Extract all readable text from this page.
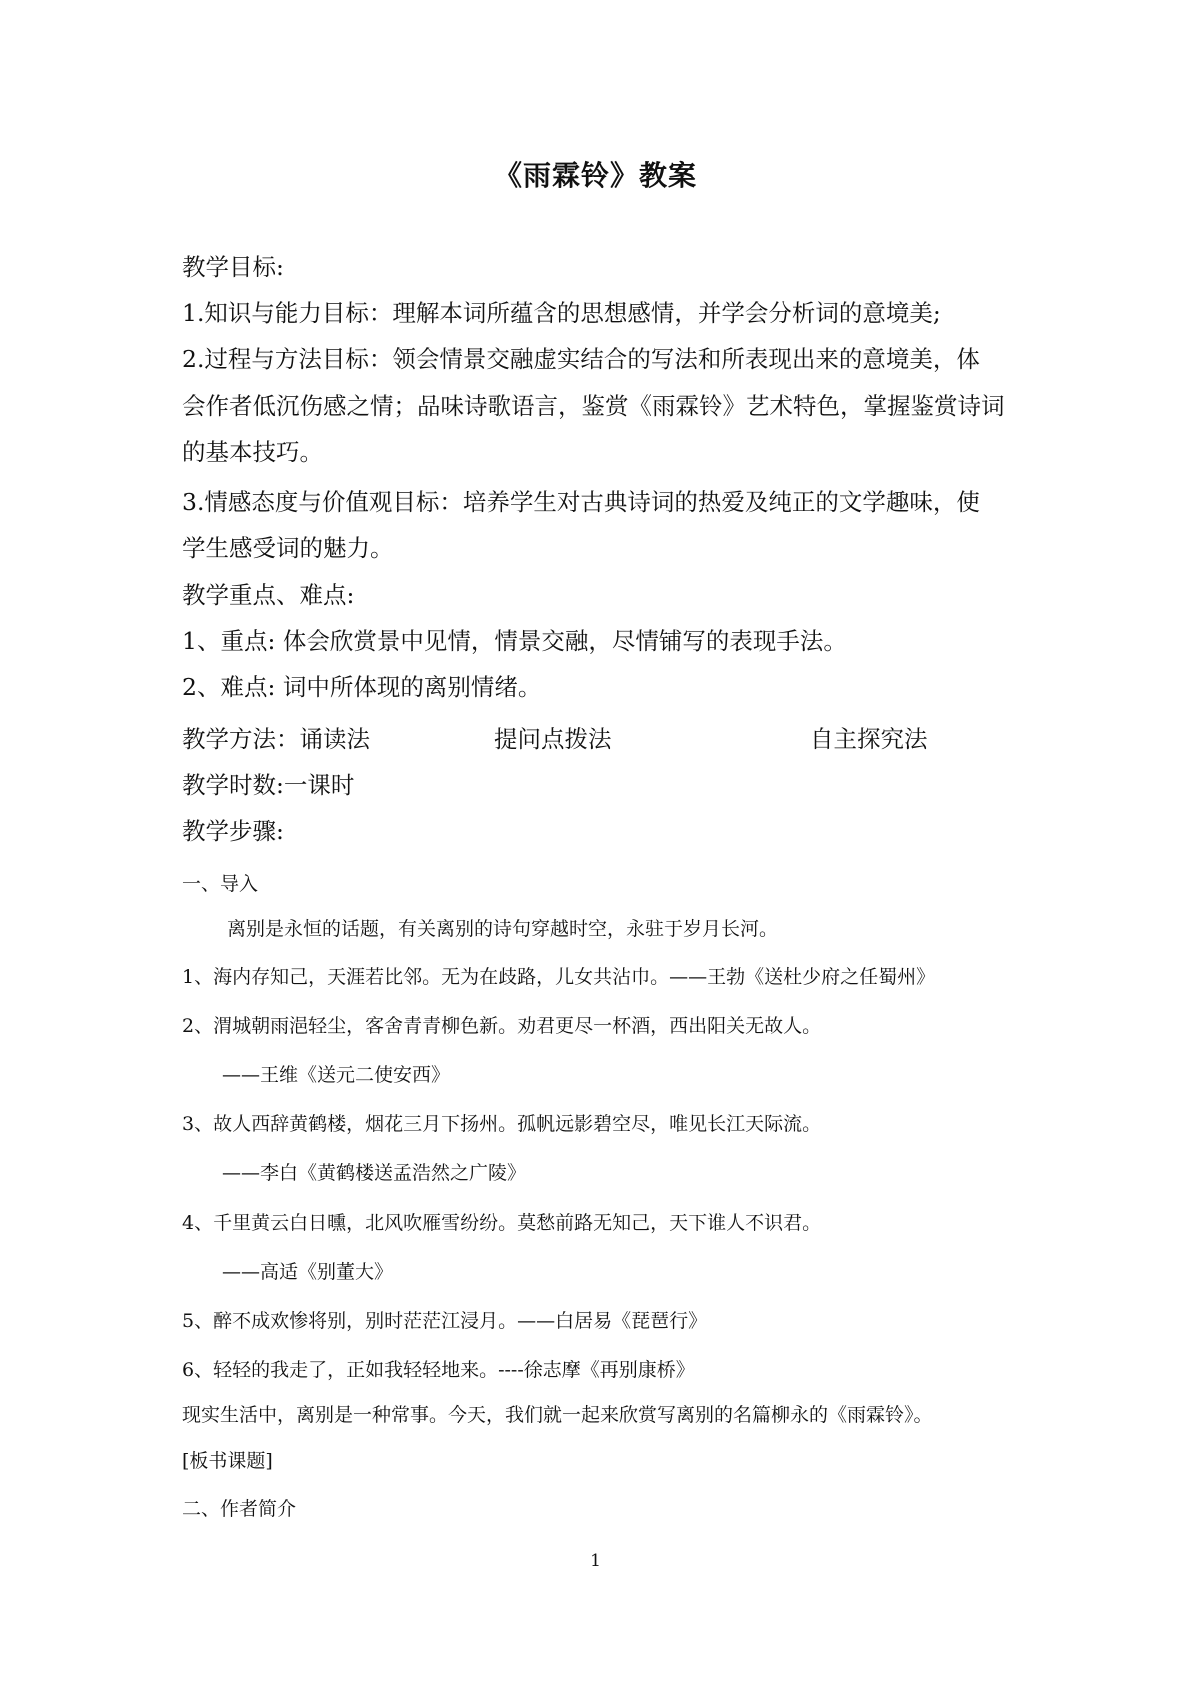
《雨霖铃》教案
教学目标:
1.知识与能力目标：理解本词所蕴含的思想感情，并学会分析词的意境美;
2.过程与方法目标：领会情景交融虚实结合的写法和所表现出来的意境美，体
会作者低沉伤感之情；品味诗歌语言，鉴赏《雨霖铃》艺术特色，掌握鉴赏诗词
的基本技巧。
3.情感态度与价值观目标：培养学生对古典诗词的热爱及纯正的文学趣味，使
学生感受词的魅力。
教学重点、难点:
1、重点: 体会欣赏景中见情，情景交融，尽情铺写的表现手法。
2、难点: 词中所体现的离别情绪。
教学方法：诵读法	提问点拨法	自主探究法
教学时数:一课时
教学步骤:
一、导入
离别是永恒的话题，有关离别的诗句穿越时空，永驻于岁月长河。
1、海内存知己，天涯若比邻。无为在歧路，儿女共沾巾。——王勃《送杜少府之任蜀州》
2、渭城朝雨浥轻尘，客舍青青柳色新。劝君更尽一杯酒，西出阳关无故人。
——王维《送元二使安西》
3、故人西辞黄鹤楼，烟花三月下扬州。孤帆远影碧空尽，唯见长江天际流。
——李白《黄鹤楼送孟浩然之广陵》
4、千里黄云白日曛，北风吹雁雪纷纷。莫愁前路无知己，天下谁人不识君。
——高适《别董大》
5、醉不成欢惨将别，别时茫茫江浸月。——白居易《琵琶行》
6、轻轻的我走了，正如我轻轻地来。----徐志摩《再别康桥》
现实生活中，离别是一种常事。今天，我们就一起来欣赏写离别的名篇柳永的《雨霖铃》。
[板书课题]
二、作者简介
1
